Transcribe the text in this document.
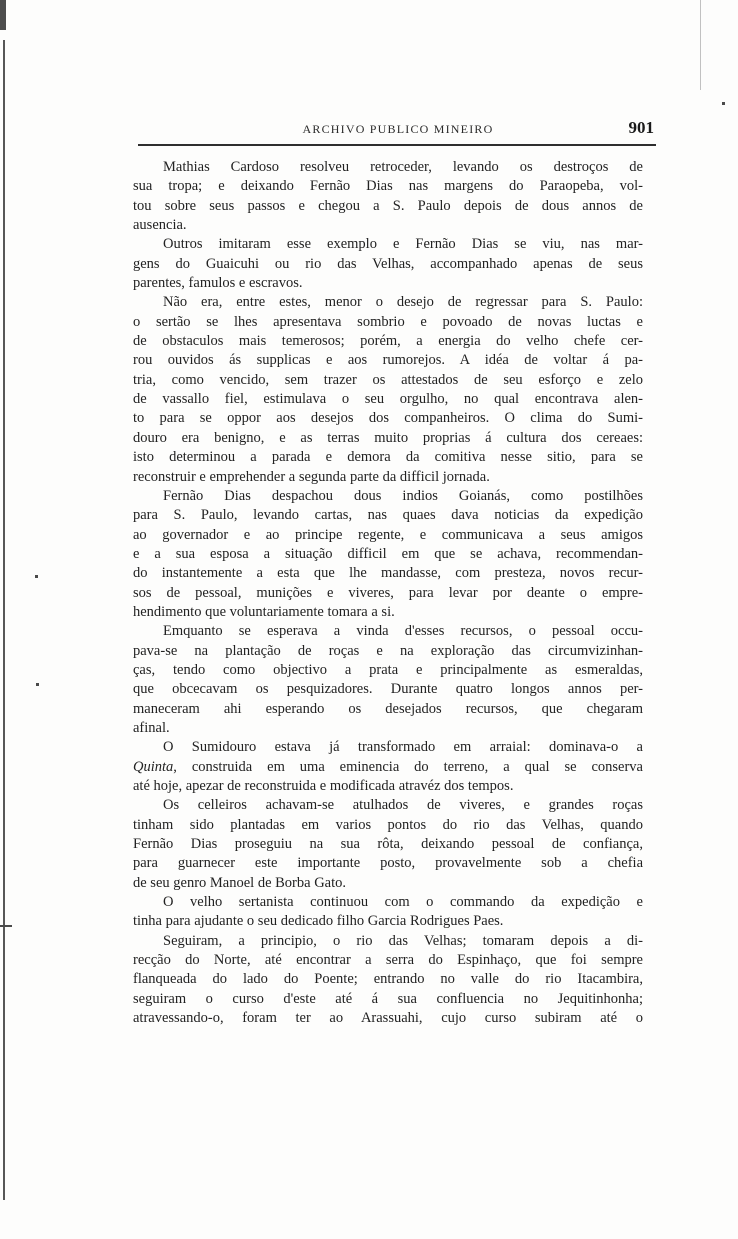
ARCHIVO PUBLICO MINEIRO	901
Mathias Cardoso resolveu retroceder, levando os destroços de
sua tropa; e deixando Fernão Dias nas margens do Paraopeba, vol-
tou sobre seus passos e chegou a S. Paulo depois de dous annos de
ausencia.
Outros imitaram esse exemplo e Fernão Dias se viu, nas mar-
gens do Guaicuhi ou rio das Velhas, accompanhado apenas de seus
parentes, famulos e escravos.
Não era, entre estes, menor o desejo de regressar para S. Paulo:
o sertão se lhes apresentava sombrio e povoado de novas luctas e
de obstaculos mais temerosos; porém, a energia do velho chefe cer-
rou ouvidos ás supplicas e aos rumorejos. A idéa de voltar á pa-
tria, como vencido, sem trazer os attestados de seu esforço e zelo
de vassallo fiel, estimulava o seu orgulho, no qual encontrava alen-
to para se oppor aos desejos dos companheiros. O clima do Sumi-
douro era benigno, e as terras muito proprias á cultura dos cereaes:
isto determinou a parada e demora da comitiva nesse sitio, para se
reconstruir e emprehender a segunda parte da difficil jornada.
Fernão Dias despachou dous indios Goianás, como postilhões
para S. Paulo, levando cartas, nas quaes dava noticias da expedição
ao governador e ao principe regente, e communicava a seus amigos
e a sua esposa a situação difficil em que se achava, recommendan-
do instantemente a esta que lhe mandasse, com presteza, novos recur-
sos de pessoal, munições e viveres, para levar por deante o empre-
hendimento que voluntariamente tomara a si.
Emquanto se esperava a vinda d'esses recursos, o pessoal occu-
pava-se na plantação de roças e na exploração das circumvizinhan-
ças, tendo como objectivo a prata e principalmente as esmeraldas,
que obcecavam os pesquizadores. Durante quatro longos annos per-
maneceram ahi esperando os desejados recursos, que chegaram
afinal.
O Sumidouro estava já transformado em arraial: dominava-o a
Quinta, construida em uma eminencia do terreno, a qual se conserva
até hoje, apezar de reconstruida e modificada atravéz dos tempos.
Os celleiros achavam-se atulhados de viveres, e grandes roças
tinham sido plantadas em varios pontos do rio das Velhas, quando
Fernão Dias proseguiu na sua rôta, deixando pessoal de confiança,
para guarnecer este importante posto, provavelmente sob a chefia
de seu genro Manoel de Borba Gato.
O velho sertanista continuou com o commando da expedição e
tinha para ajudante o seu dedicado filho Garcia Rodrigues Paes.
Seguiram, a principio, o rio das Velhas; tomaram depois a di-
recção do Norte, até encontrar a serra do Espinhaço, que foi sempre
flanqueada do lado do Poente; entrando no valle do rio Itacambira,
seguiram o curso d'este até á sua confluencia no Jequitinhonha;
atravessando-o, foram ter ao Arassuahi, cujo curso subiram até o
